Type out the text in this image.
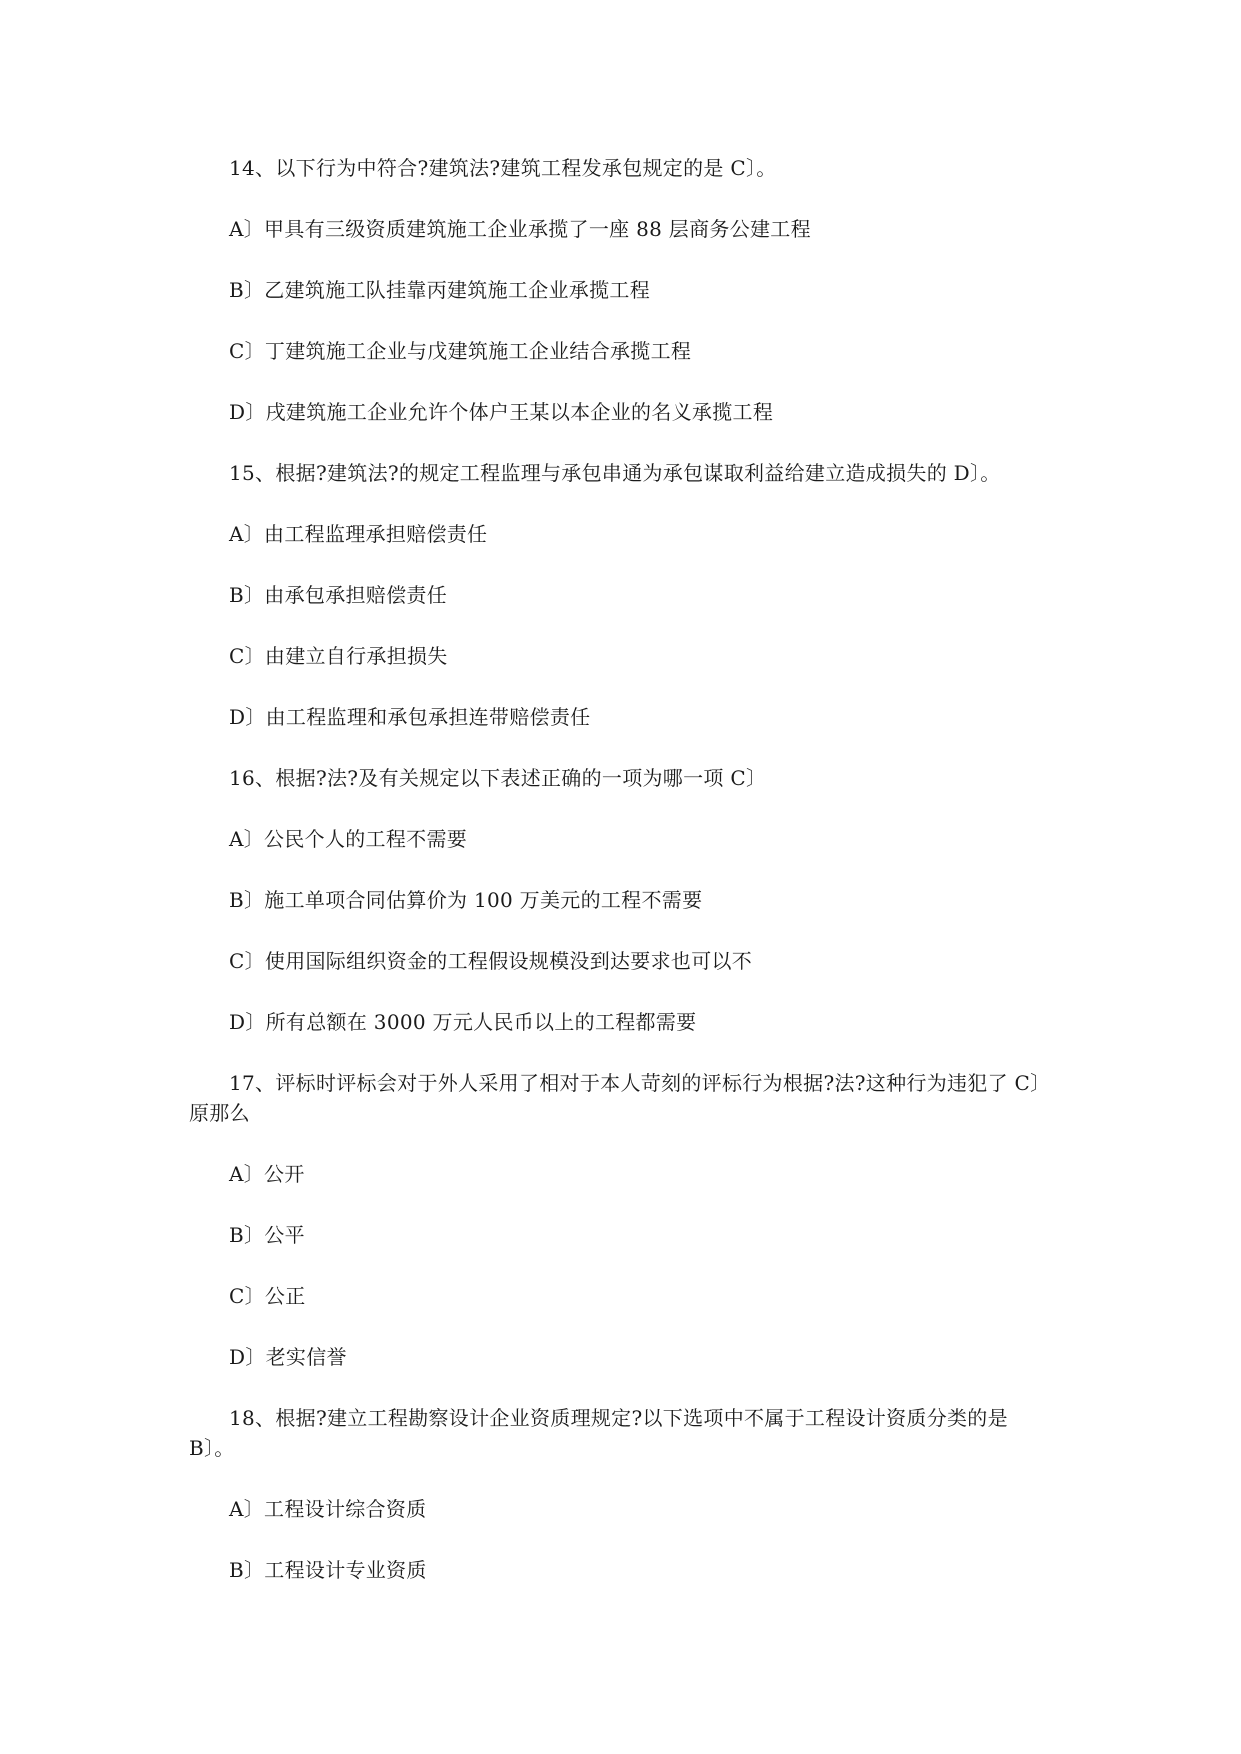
14、以下行为中符合?建筑法?建筑工程发承包规定的是 C〕。
A〕甲具有三级资质建筑施工企业承揽了一座 88 层商务公建工程
B〕乙建筑施工队挂靠丙建筑施工企业承揽工程
C〕丁建筑施工企业与戊建筑施工企业结合承揽工程
D〕戌建筑施工企业允许个体户王某以本企业的名义承揽工程
15、根据?建筑法?的规定工程监理与承包串通为承包谋取利益给建立造成损失的 D〕。
A〕由工程监理承担赔偿责任
B〕由承包承担赔偿责任
C〕由建立自行承担损失
D〕由工程监理和承包承担连带赔偿责任
16、根据?法?及有关规定以下表述正确的一项为哪一项 C〕
A〕公民个人的工程不需要
B〕施工单项合同估算价为 100 万美元的工程不需要
C〕使用国际组织资金的工程假设规模没到达要求也可以不
D〕所有总额在 3000 万元人民币以上的工程都需要
17、评标时评标会对于外人采用了相对于本人苛刻的评标行为根据?法?这种行为违犯了 C〕
原那么
A〕公开
B〕公平
C〕公正
D〕老实信誉
18、根据?建立工程勘察设计企业资质理规定?以下选项中不属于工程设计资质分类的是
B〕。
A〕工程设计综合资质
B〕工程设计专业资质
